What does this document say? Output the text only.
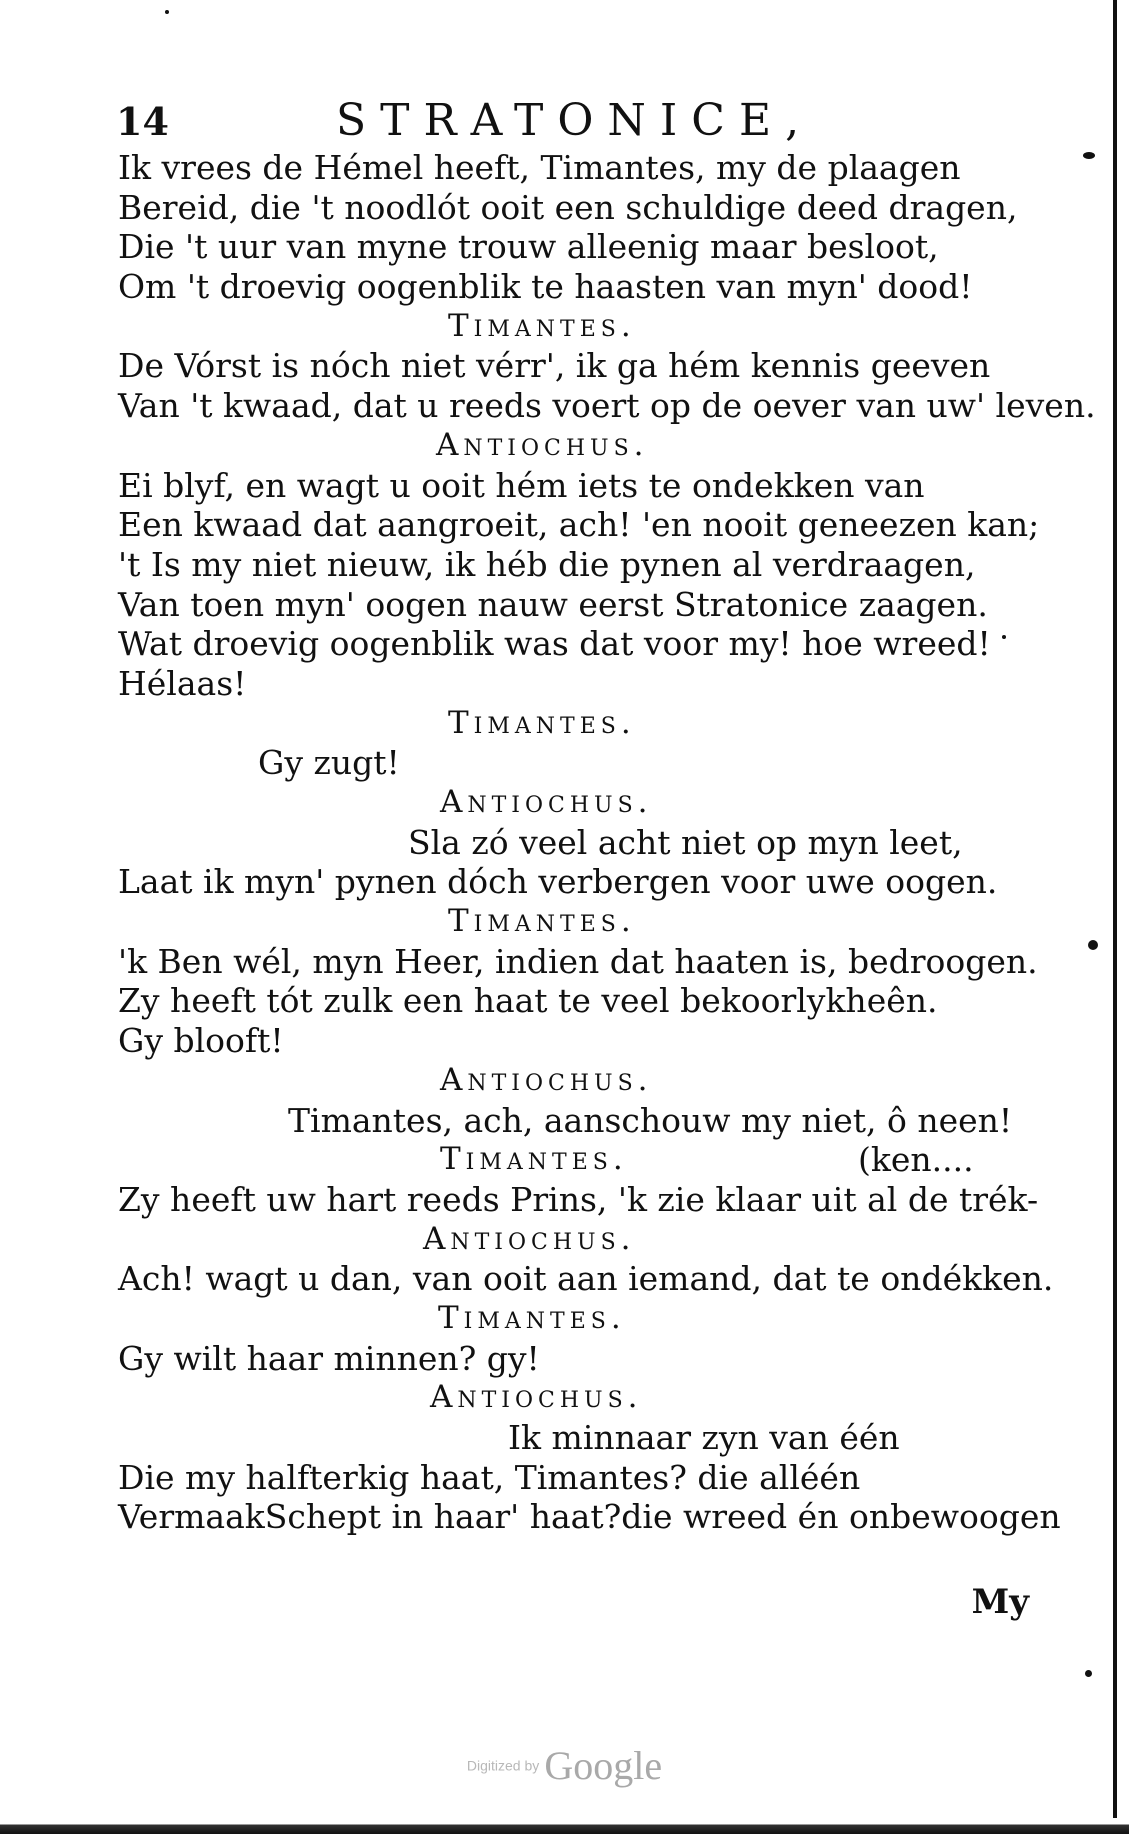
14	STRATONICE,
Ik vrees de Hémel heeft, Timantes, my de plaagen
Bereid, die 't noodlót ooit een schuldige deed dragen,
Die 't uur van myne trouw alleenig maar besloot,
Om 't droevig oogenblik te haasten van myn' dood!
Timantes.
De Vórst is nóch niet vérr', ik ga hém kennis geeven
Van 't kwaad, dat u reeds voert op de oever van uw' leven.
Antiochus.
Ei blyf, en wagt u ooit hém iets te ondekken van
Een kwaad dat aangroeit, ach! 'en nooit geneezen kan;
't Is my niet nieuw, ik héb die pynen al verdraagen,
Van toen myn' oogen nauw eerst Stratonice zaagen.
Wat droevig oogenblik was dat voor my! hoe wreed!
Hélaas!
Timantes.
Gy zugt!
Antiochus.
Sla zó veel acht niet op myn leet,
Laat ik myn' pynen dóch verbergen voor uwe oogen.
Timantes.
'k Ben wél, myn Heer, indien dat haaten is, bedroogen.
Zy heeft tót zulk een haat te veel bekoorlykheên.
Gy blooft!
Antiochus.
Timantes, ach, aanschouw my niet, ô neen!
Timantes.	(ken....
Zy heeft uw hart reeds Prins, 'k zie klaar uit al de trék-
Antiochus.
Ach! wagt u dan, van ooit aan iemand, dat te ondékken.
Timantes.
Gy wilt haar minnen? gy!
Antiochus.
Ik minnaar zyn van één
Die my halfterkig haat, Timantes? die alléén
VermaakSchept in haar' haat?die wreed én onbewoogen
My
Digitized by Google
